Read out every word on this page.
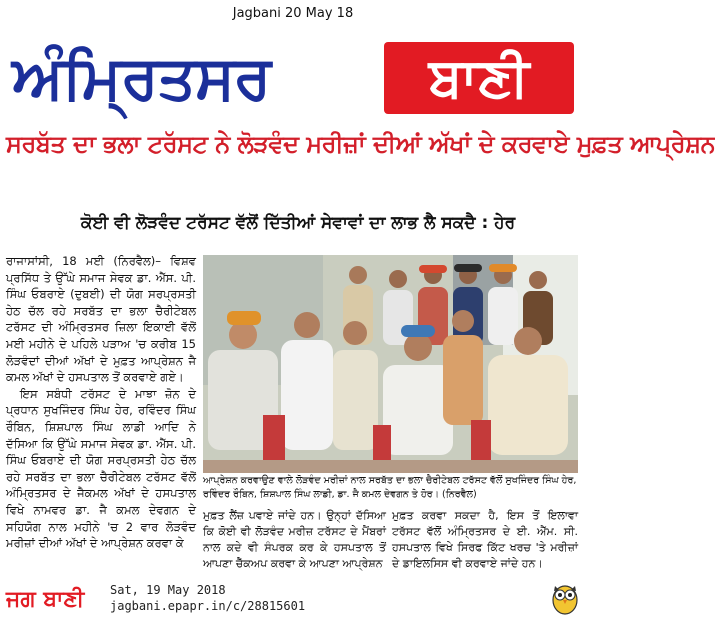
Jagbani 20 May 18
ਅੰਮ੍ਰਿਤਸਰ	ਬਾਣੀ
ਸਰਬੱਤ ਦਾ ਭਲਾ ਟਰੱਸਟ ਨੇ ਲੋੜਵੰਦ ਮਰੀਜ਼ਾਂ ਦੀਆਂ ਅੱਖਾਂ ਦੇ ਕਰਵਾਏ ਮੁਫ਼ਤ ਆਪ੍ਰੇਸ਼ਨ
ਕੋਈ ਵੀ ਲੋੜਵੰਦ ਟਰੱਸਟ ਵੱਲੋਂ ਦਿੱਤੀਆਂ ਸੇਵਾਵਾਂ ਦਾ ਲਾਭ ਲੈ ਸਕਦੈ : ਹੇਰ

ਰਾਜਾਸਾਂਸੀ, 18 ਮਈ (ਨਿਰਵੈਲ)– ਵਿਸ਼ਵ ਪ੍ਰਸਿੱਧ ਤੇ ਉੱਘੇ ਸਮਾਜ ਸੇਵਕ ਡਾ. ਐੱਸ. ਪੀ. ਸਿੰਘ ਓਬਰਾਏ (ਦੁਬਈ) ਦੀ ਯੋਗ ਸਰਪ੍ਰਸਤੀ ਹੇਠ ਚੱਲ ਰਹੇ ਸਰਬੱਤ ਦਾ ਭਲਾ ਚੈਰੀਟੇਬਲ ਟਰੱਸਟ ਦੀ ਅੰਮ੍ਰਿਤਸਰ ਜ਼ਿਲਾ ਇਕਾਈ ਵੱਲੋਂ ਮਈ ਮਹੀਨੇ ਦੇ ਪਹਿਲੇ ਪੜਾਅ 'ਚ ਕਰੀਬ 15 ਲੋੜਵੰਦਾਂ ਦੀਆਂ ਅੱਖਾਂ ਦੇ ਮੁਫ਼ਤ ਆਪ੍ਰੇਸ਼ਨ ਜੈ ਕਮਲ ਅੱਖਾਂ ਦੇ ਹਸਪਤਾਲ ਤੋਂ ਕਰਵਾਏ ਗਏ।

ਇਸ ਸਬੰਧੀ ਟਰੱਸਟ ਦੇ ਮਾਝਾ ਜ਼ੋਨ ਦੇ ਪ੍ਰਧਾਨ ਸੁਖਜਿੰਦਰ ਸਿੰਘ ਹੇਰ, ਰਵਿੰਦਰ ਸਿੰਘ ਰੌਬਿਨ, ਸ਼ਿਸ਼ਪਾਲ ਸਿੰਘ ਲਾਡੀ ਆਦਿ ਨੇ ਦੱਸਿਆ ਕਿ ਉੱਘੇ ਸਮਾਜ ਸੇਵਕ ਡਾ. ਐੱਸ. ਪੀ. ਸਿੰਘ ਓਬਰਾਏ ਦੀ ਯੋਗ ਸਰਪ੍ਰਸਤੀ ਹੇਠ ਚੱਲ ਰਹੇ ਸਰਬੱਤ ਦਾ ਭਲਾ ਚੈਰੀਟੇਬਲ ਟਰੱਸਟ ਵੱਲੋਂ ਅੰਮ੍ਰਿਤਸਰ ਦੇ ਜੈਕਮਲ ਅੱਖਾਂ ਦੇ ਹਸਪਤਾਲ ਵਿਖੇ ਨਾਮਵਰ ਡਾ. ਜੈ ਕਮਲ ਦੇਵਗਨ ਦੇ ਸਹਿਯੋਗ ਨਾਲ ਮਹੀਨੇ 'ਚ 2 ਵਾਰ ਲੋੜਵੰਦ ਮਰੀਜ਼ਾਂ ਦੀਆਂ ਅੱਖਾਂ ਦੇ ਆਪ੍ਰੇਸ਼ਨ ਕਰਵਾ ਕੇ

ਆਪ੍ਰੇਸ਼ਨ ਕਰਵਾਉਣ ਵਾਲੇ ਲੋੜਵੰਦ ਮਰੀਜ਼ਾਂ ਨਾਲ ਸਰਬੱਤ ਦਾ ਭਲਾ ਚੈਰੀਟੇਬਲ ਟਰੱਸਟ ਵੱਲੋਂ ਸੁਖਜਿੰਦਰ ਸਿੰਘ ਹੇਰ, ਰਵਿੰਦਰ ਰੌਬਿਨ, ਸ਼ਿਸ਼ਪਾਲ ਸਿੰਘ ਲਾਡੀ, ਡਾ. ਜੈ ਕਮਲ ਦੇਵਗਨ ਤੇ ਹੋਰ। (ਨਿਰਵੈਲ)
ਮੁਫ਼ਤ ਲੈਂਜ਼ ਪਵਾਏ ਜਾਂਦੇ ਹਨ। ਉਨ੍ਹਾਂ ਦੱਸਿਆ ਕਿ ਕੋਈ ਵੀ ਲੋੜਵੰਦ ਮਰੀਜ਼ ਟਰੱਸਟ ਦੇ ਮੈਂਬਰਾਂ ਨਾਲ ਕਦੇ ਵੀ ਸੰਪਰਕ ਕਰ ਕੇ ਹਸਪਤਾਲ ਤੋਂ ਆਪਣਾ ਚੈੱਕਅਪ ਕਰਵਾ ਕੇ ਆਪਣਾ ਆਪ੍ਰੇਸ਼ਨ
ਮੁਫ਼ਤ ਕਰਵਾ ਸਕਦਾ ਹੈ, ਇਸ ਤੋਂ ਇਲਾਵਾ ਟਰੱਸਟ ਵੱਲੋਂ ਅੰਮ੍ਰਿਤਸਰ ਦੇ ਈ. ਐੱਮ. ਸੀ. ਹਸਪਤਾਲ ਵਿਖੇ ਸਿਰਫ ਕਿੱਟ ਖਰਚ 'ਤੇ ਮਰੀਜ਼ਾਂ ਦੇ ਡਾਇਲਸਿਸ ਵੀ ਕਰਵਾਏ ਜਾਂਦੇ ਹਨ।
ਜਗ ਬਾਣੀ	Sat, 19 May 2018
jagbani.epapr.in/c/28815601
